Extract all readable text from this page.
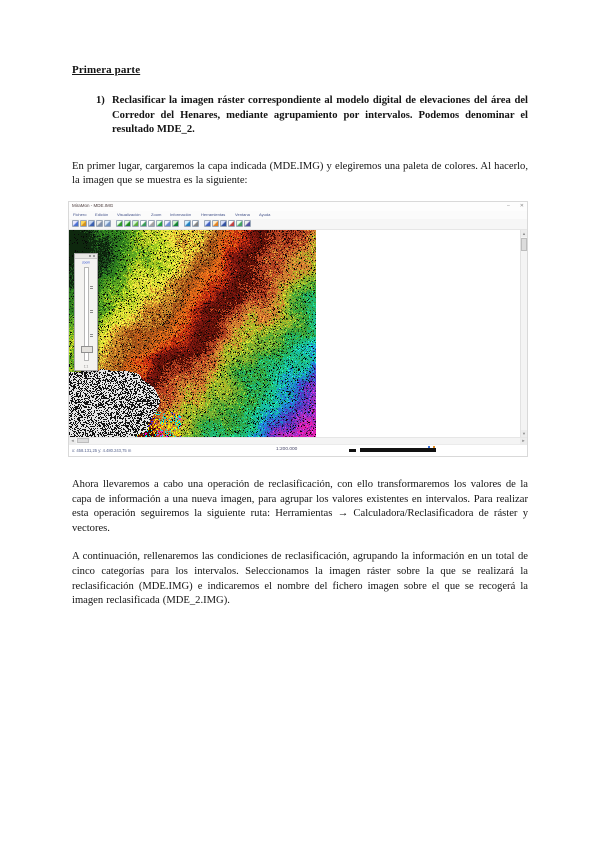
Primera parte
1) Reclasificar la imagen ráster correspondiente al modelo digital de elevaciones del área del Corredor del Henares, mediante agrupamiento por intervalos. Podemos denominar el resultado MDE_2.

En primer lugar, cargaremos la capa indicada (MDE.IMG) y elegiremos una paleta de colores. Al hacerlo, la imagen que se muestra es la siguiente:

MiraMon - MDE.IMG	– ✕
Fichero Edición Visualización Zoom Información Herramientas Ventana Ayuda
zoom
1:1
▲
▼
◄	►
x: 458.131,25 y: 4.480.243,75 m	1:200.000

Ahora llevaremos a cabo una operación de reclasificación, con ello transformaremos los valores de la capa de información a una nueva imagen, para agrupar los valores existentes en intervalos. Para realizar esta operación seguiremos la siguiente ruta: Herramientas → Calculadora/Reclasificadora de ráster y vectores.

A continuación, rellenaremos las condiciones de reclasificación, agrupando la información en un total de cinco categorías para los intervalos. Seleccionamos la imagen ráster sobre la que se realizará la reclasificación (MDE.IMG) e indicaremos el nombre del fichero imagen sobre el que se recogerá la imagen reclasificada (MDE_2.IMG).
